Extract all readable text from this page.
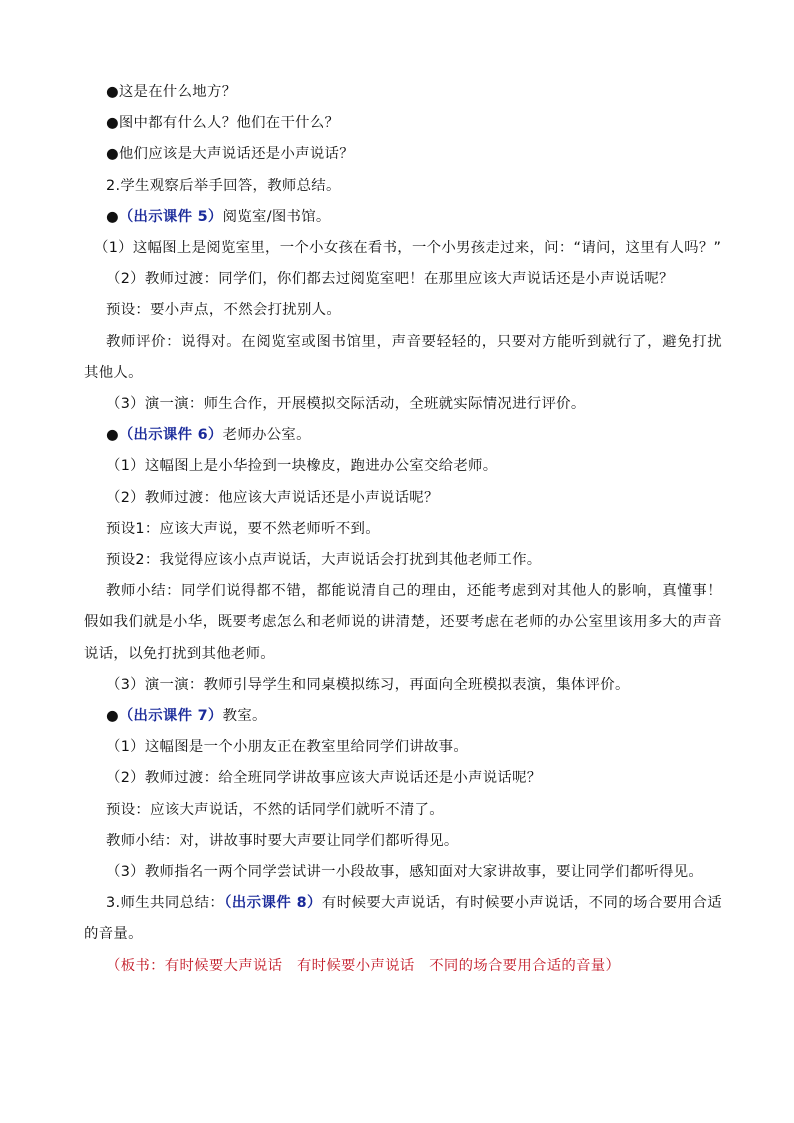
●这是在什么地方？

●图中都有什么人？他们在干什么？

●他们应该是大声说话还是小声说话？

2.学生观察后举手回答，教师总结。

●（出示课件 5）阅览室/图书馆。

（1）这幅图上是阅览室里，一个小女孩在看书，一个小男孩走过来，问：“请问，这里有人吗？”

（2）教师过渡：同学们，你们都去过阅览室吧！在那里应该大声说话还是小声说话呢？

预设：要小声点，不然会打扰别人。

教师评价：说得对。在阅览室或图书馆里，声音要轻轻的，只要对方能听到就行了，避免打扰其他人。

（3）演一演：师生合作，开展模拟交际活动，全班就实际情况进行评价。

●（出示课件 6）老师办公室。

（1）这幅图上是小华捡到一块橡皮，跑进办公室交给老师。

（2）教师过渡：他应该大声说话还是小声说话呢？

预设1：应该大声说，要不然老师听不到。

预设2：我觉得应该小点声说话，大声说话会打扰到其他老师工作。

教师小结：同学们说得都不错，都能说清自己的理由，还能考虑到对其他人的影响，真懂事！假如我们就是小华，既要考虑怎么和老师说的讲清楚，还要考虑在老师的办公室里该用多大的声音说话，以免打扰到其他老师。

（3）演一演：教师引导学生和同桌模拟练习，再面向全班模拟表演，集体评价。

●（出示课件 7）教室。

（1）这幅图是一个小朋友正在教室里给同学们讲故事。

（2）教师过渡：给全班同学讲故事应该大声说话还是小声说话呢？

预设：应该大声说话，不然的话同学们就听不清了。

教师小结：对，讲故事时要大声要让同学们都听得见。

（3）教师指名一两个同学尝试讲一小段故事，感知面对大家讲故事，要让同学们都听得见。

3.师生共同总结：（出示课件 8）有时候要大声说话，有时候要小声说话，不同的场合要用合适的音量。

（板书：有时候要大声说话　有时候要小声说话　不同的场合要用合适的音量）
